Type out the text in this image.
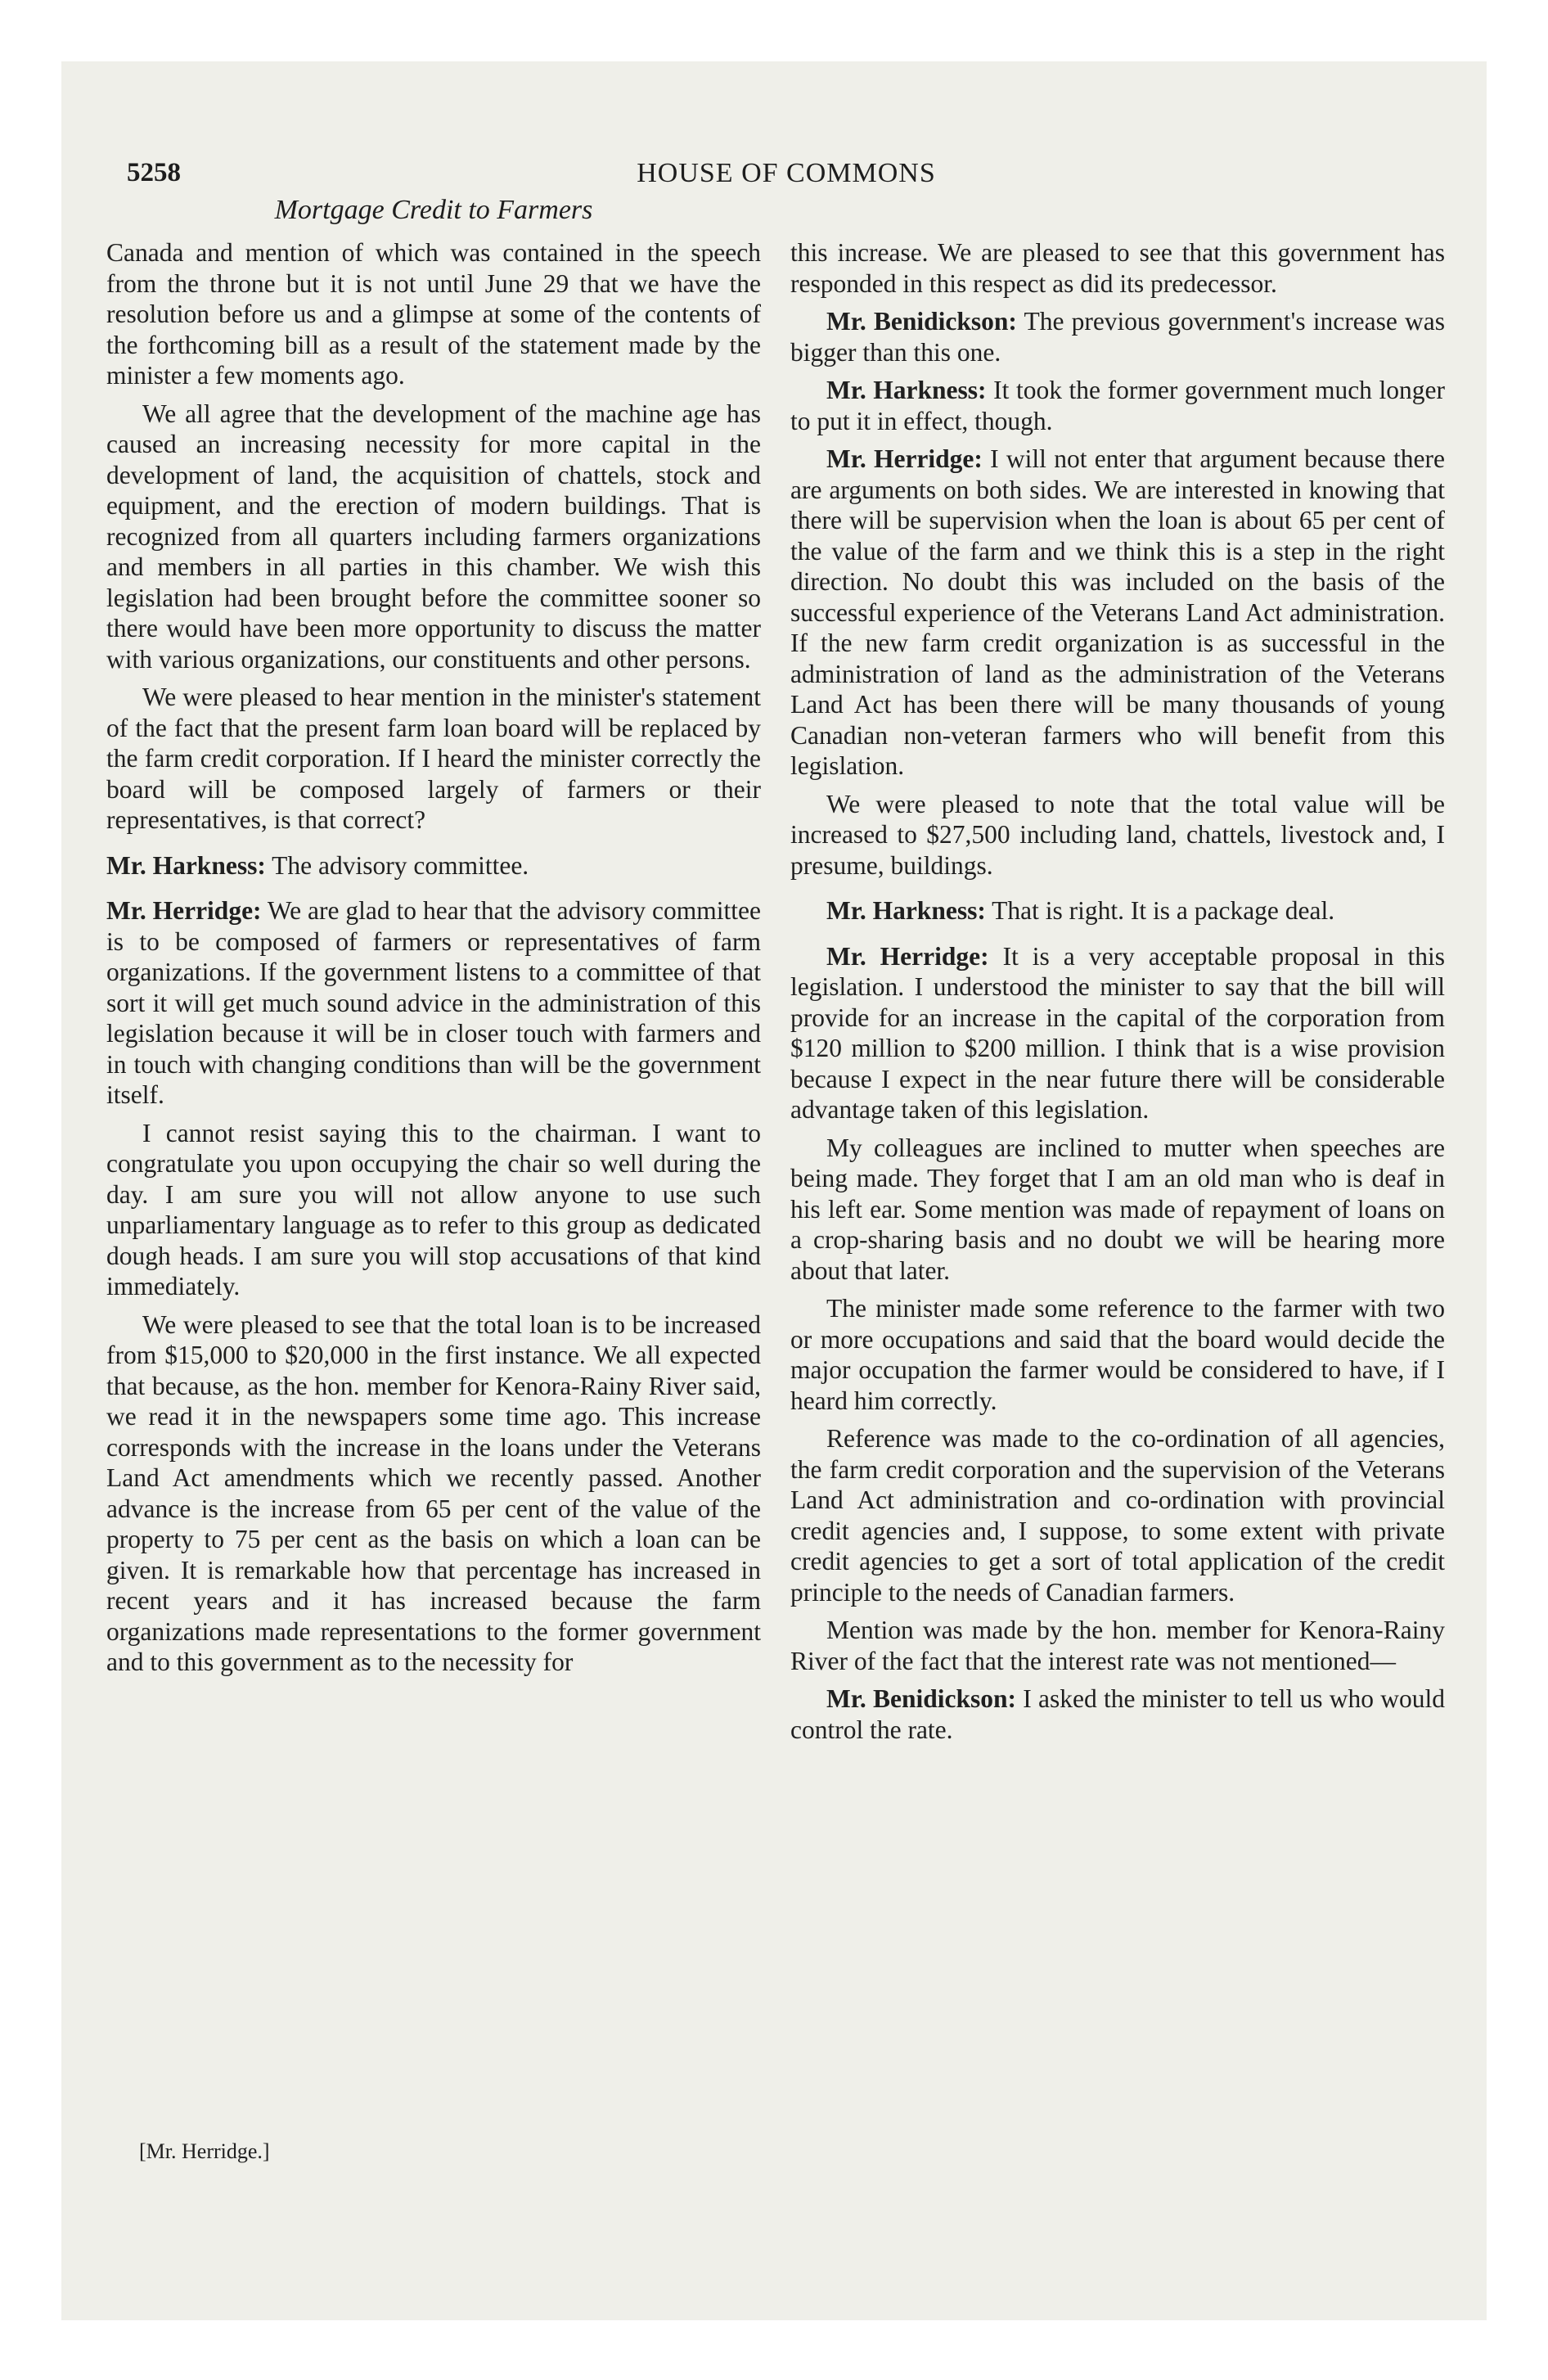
5258	HOUSE OF COMMONS
Mortgage Credit to Farmers

Canada and mention of which was contained in the speech from the throne but it is not until June 29 that we have the resolution before us and a glimpse at some of the contents of the forthcoming bill as a result of the statement made by the minister a few moments ago.

We all agree that the development of the machine age has caused an increasing necessity for more capital in the development of land, the acquisition of chattels, stock and equipment, and the erection of modern buildings. That is recognized from all quarters including farmers organizations and members in all parties in this chamber. We wish this legislation had been brought before the committee sooner so there would have been more opportunity to discuss the matter with various organizations, our constituents and other persons.

We were pleased to hear mention in the minister's statement of the fact that the present farm loan board will be replaced by the farm credit corporation. If I heard the minister correctly the board will be composed largely of farmers or their representatives, is that correct?

Mr. Harkness: The advisory committee.

Mr. Herridge: We are glad to hear that the advisory committee is to be composed of farmers or representatives of farm organizations. If the government listens to a committee of that sort it will get much sound advice in the administration of this legislation because it will be in closer touch with farmers and in touch with changing conditions than will be the government itself.

I cannot resist saying this to the chairman. I want to congratulate you upon occupying the chair so well during the day. I am sure you will not allow anyone to use such unparliamentary language as to refer to this group as dedicated dough heads. I am sure you will stop accusations of that kind immediately.

We were pleased to see that the total loan is to be increased from $15,000 to $20,000 in the first instance. We all expected that because, as the hon. member for Kenora-Rainy River said, we read it in the newspapers some time ago. This increase corresponds with the increase in the loans under the Veterans Land Act amendments which we recently passed. Another advance is the increase from 65 per cent of the value of the property to 75 per cent as the basis on which a loan can be given. It is remarkable how that percentage has increased in recent years and it has increased because the farm organizations made representations to the former government and to this government as to the necessity for

this increase. We are pleased to see that this government has responded in this respect as did its predecessor.

Mr. Benidickson: The previous government's increase was bigger than this one.

Mr. Harkness: It took the former government much longer to put it in effect, though.

Mr. Herridge: I will not enter that argument because there are arguments on both sides. We are interested in knowing that there will be supervision when the loan is about 65 per cent of the value of the farm and we think this is a step in the right direction. No doubt this was included on the basis of the successful experience of the Veterans Land Act administration. If the new farm credit organization is as successful in the administration of land as the administration of the Veterans Land Act has been there will be many thousands of young Canadian non-veteran farmers who will benefit from this legislation.

We were pleased to note that the total value will be increased to $27,500 including land, chattels, livestock and, I presume, buildings.

Mr. Harkness: That is right. It is a package deal.

Mr. Herridge: It is a very acceptable proposal in this legislation. I understood the minister to say that the bill will provide for an increase in the capital of the corporation from $120 million to $200 million. I think that is a wise provision because I expect in the near future there will be considerable advantage taken of this legislation.

My colleagues are inclined to mutter when speeches are being made. They forget that I am an old man who is deaf in his left ear. Some mention was made of repayment of loans on a crop-sharing basis and no doubt we will be hearing more about that later.

The minister made some reference to the farmer with two or more occupations and said that the board would decide the major occupation the farmer would be considered to have, if I heard him correctly.

Reference was made to the co-ordination of all agencies, the farm credit corporation and the supervision of the Veterans Land Act administration and co-ordination with provincial credit agencies and, I suppose, to some extent with private credit agencies to get a sort of total application of the credit principle to the needs of Canadian farmers.

Mention was made by the hon. member for Kenora-Rainy River of the fact that the interest rate was not mentioned—

Mr. Benidickson: I asked the minister to tell us who would control the rate.

[Mr. Herridge.]
